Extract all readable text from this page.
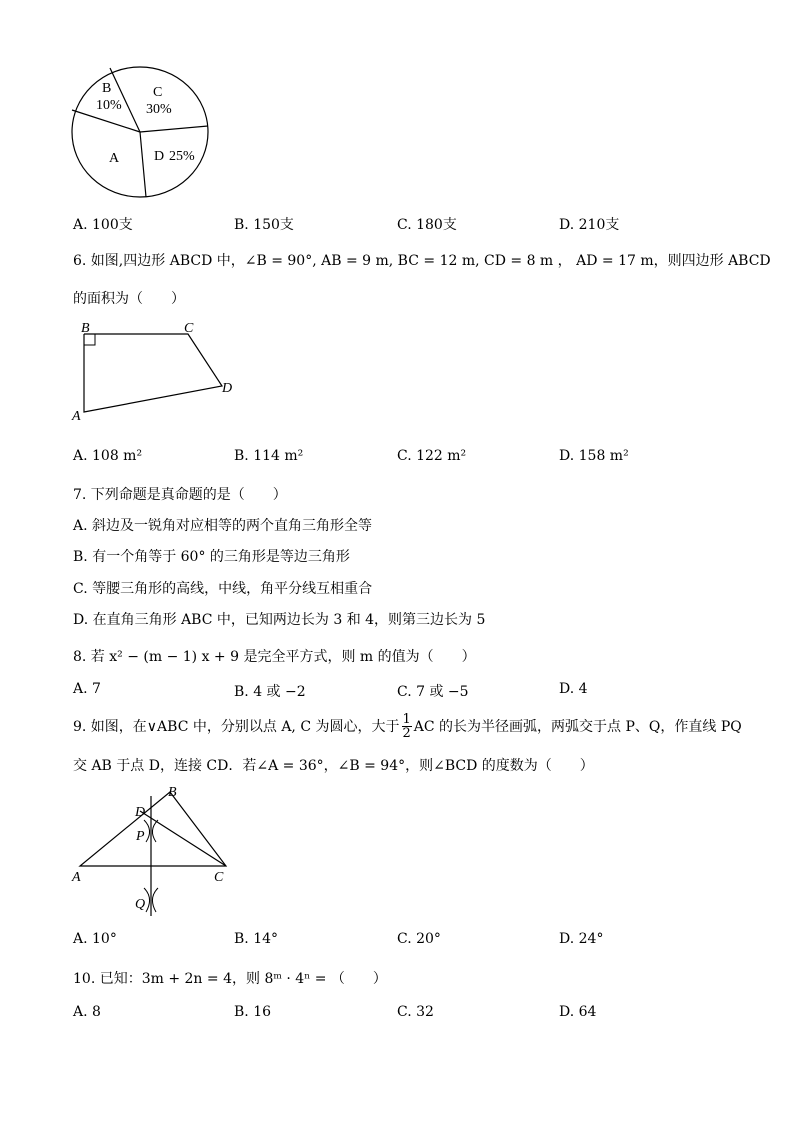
B
10%
C
30%
D 25%
A
A. 100支	B. 150支	C. 180支	D. 210支
6. 如图,四边形 ABCD 中，∠B = 90°, AB = 9 m, BC = 12 m, CD = 8 m ， AD = 17 m，则四边形 ABCD
的面积为（　　）
B	C
D
A
A. 108 m²	B. 114 m²	C. 122 m²	D. 158 m²
7. 下列命题是真命题的是（　　）
A. 斜边及一锐角对应相等的两个直角三角形全等
B. 有一个角等于 60° 的三角形是等边三角形
C. 等腰三角形的高线，中线，角平分线互相重合
D. 在直角三角形 ABC 中，已知两边长为 3 和 4，则第三边长为 5
8. 若 x² − (m − 1) x + 9 是完全平方式，则 m 的值为（　　）
A. 7	B. 4 或 −2	C. 7 或 −5	D. 4
9. 如图，在∨ABC 中，分别以点 A, C 为圆心，大于 $\frac{1}{2}$ AC 的长为半径画弧，两弧交于点 P、Q，作直线 PQ
交 AB 于点 D，连接 CD．若∠A = 36°，∠B = 94°，则∠BCD 的度数为（　　）
B
D
P
A	C
Q
A. 10°	B. 14°	C. 20°	D. 24°
10. 已知：3m + 2n = 4，则 8ᵐ · 4ⁿ = （　　）
A. 8	B. 16	C. 32	D. 64
